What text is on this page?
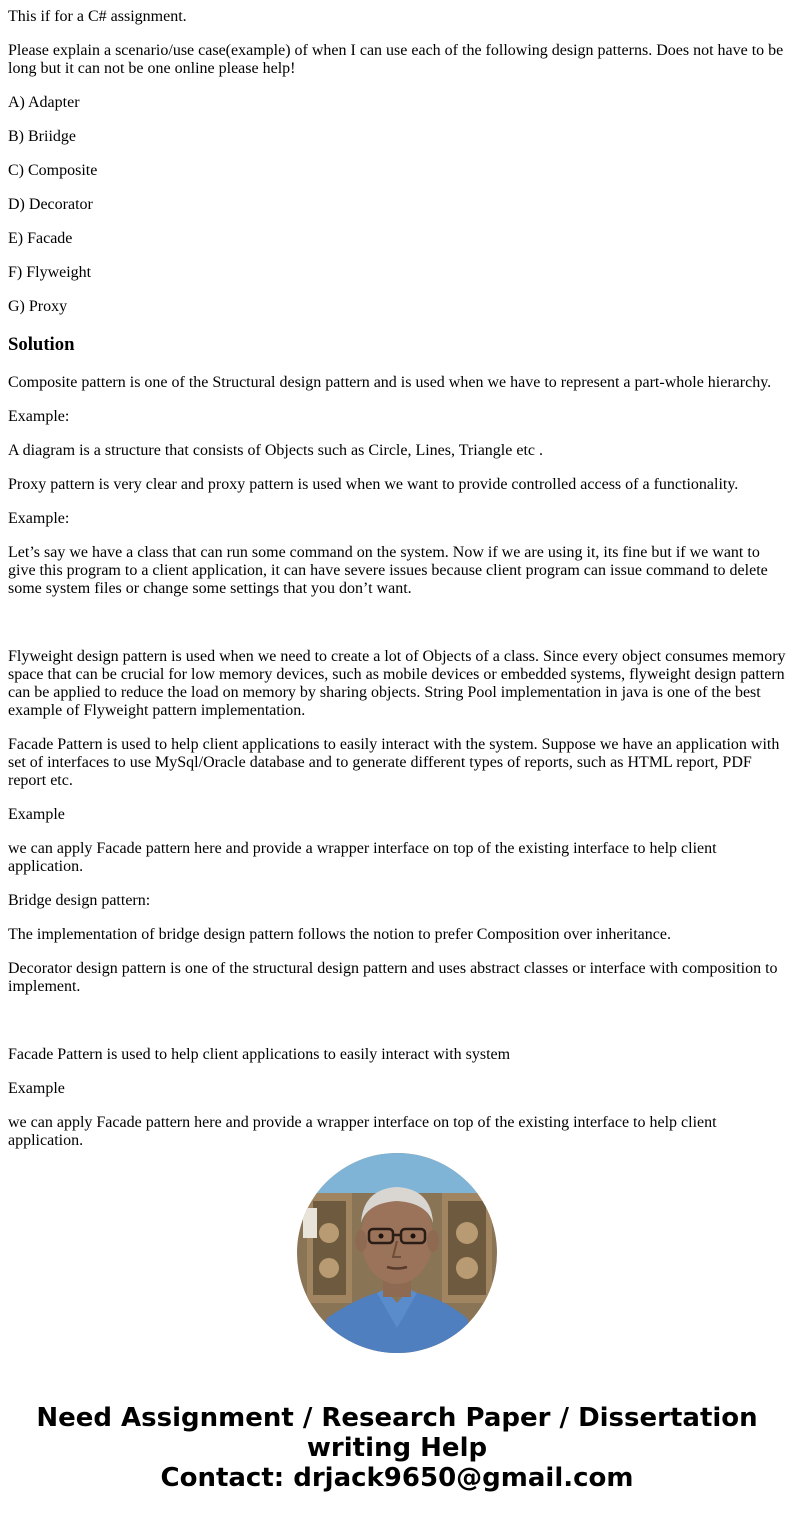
This if for a C# assignment.

Please explain a scenario/use case(example) of when I can use each of the following design patterns. Does not have to be long but it can not be one online please help!

A) Adapter

B) Briidge

C) Composite

D) Decorator

E) Facade

F) Flyweight

G) Proxy

Solution

Composite pattern is one of the Structural design pattern and is used when we have to represent a part-whole hierarchy.

Example:

A diagram is a structure that consists of Objects such as Circle, Lines, Triangle etc .

Proxy pattern is very clear and proxy pattern is used when we want to provide controlled access of a functionality.

Example:

Let’s say we have a class that can run some command on the system. Now if we are using it, its fine but if we want to give this program to a client application, it can have severe issues because client program can issue command to delete some system files or change some settings that you don’t want.

Flyweight design pattern is used when we need to create a lot of Objects of a class. Since every object consumes memory space that can be crucial for low memory devices, such as mobile devices or embedded systems, flyweight design pattern can be applied to reduce the load on memory by sharing objects. String Pool implementation in java is one of the best example of Flyweight pattern implementation.

Facade Pattern is used to help client applications to easily interact with the system. Suppose we have an application with set of interfaces to use MySql/Oracle database and to generate different types of reports, such as HTML report, PDF report etc.

Example

we can apply Facade pattern here and provide a wrapper interface on top of the existing interface to help client application.

Bridge design pattern:

The implementation of bridge design pattern follows the notion to prefer Composition over inheritance.

Decorator design pattern is one of the structural design pattern and uses abstract classes or interface with composition to implement.

Facade Pattern is used to help client applications to easily interact with system

Example

we can apply Facade pattern here and provide a wrapper interface on top of the existing interface to help client application.

Need Assignment / Research Paper / Dissertation
writing Help
Contact: drjack9650@gmail.com
